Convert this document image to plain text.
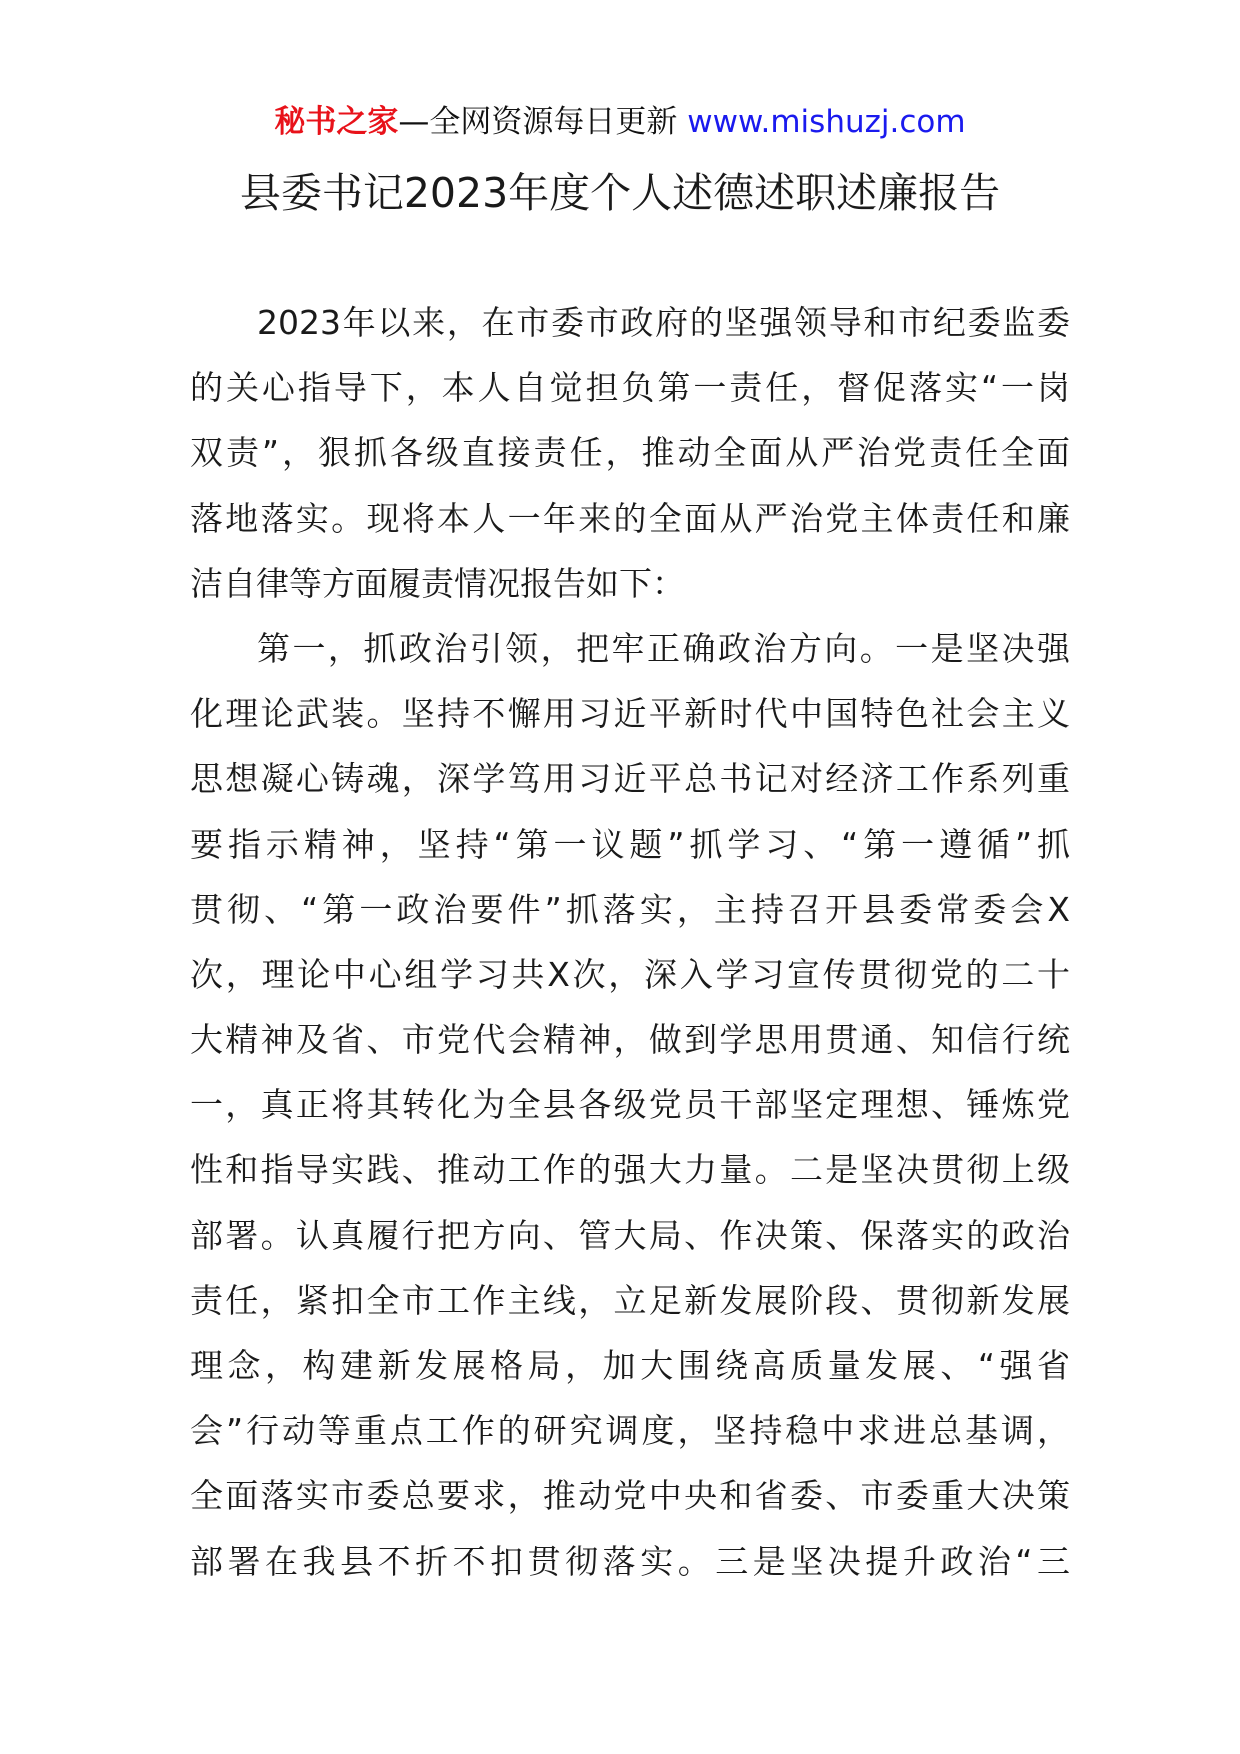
秘书之家—全网资源每日更新 www.mishuzj.com
县委书记2023年度个人述德述职述廉报告
2023年以来，在市委市政府的坚强领导和市纪委监委
的关心指导下，本人自觉担负第一责任，督促落实“一岗
双责”，狠抓各级直接责任，推动全面从严治党责任全面
落地落实。现将本人一年来的全面从严治党主体责任和廉
洁自律等方面履责情况报告如下：
第一，抓政治引领，把牢正确政治方向。一是坚决强
化理论武装。坚持不懈用习近平新时代中国特色社会主义
思想凝心铸魂，深学笃用习近平总书记对经济工作系列重
要指示精神，坚持“第一议题”抓学习、“第一遵循”抓
贯彻、“第一政治要件”抓落实，主持召开县委常委会X
次，理论中心组学习共X次，深入学习宣传贯彻党的二十
大精神及省、市党代会精神，做到学思用贯通、知信行统
一，真正将其转化为全县各级党员干部坚定理想、锤炼党
性和指导实践、推动工作的强大力量。二是坚决贯彻上级
部署。认真履行把方向、管大局、作决策、保落实的政治
责任，紧扣全市工作主线，立足新发展阶段、贯彻新发展
理念，构建新发展格局，加大围绕高质量发展、“强省
会”行动等重点工作的研究调度，坚持稳中求进总基调，
全面落实市委总要求，推动党中央和省委、市委重大决策
部署在我县不折不扣贯彻落实。三是坚决提升政治“三
